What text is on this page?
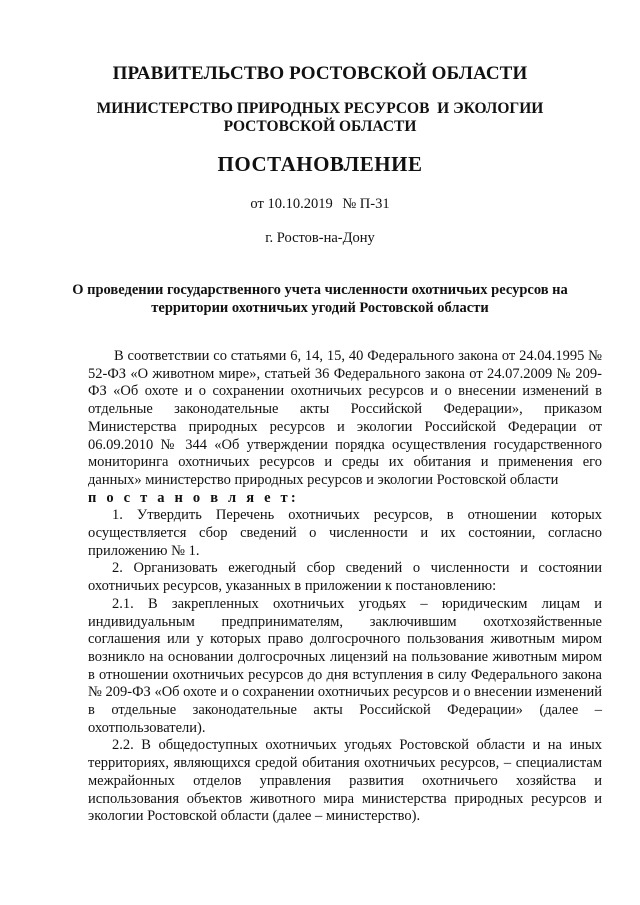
ПРАВИТЕЛЬСТВО РОСТОВСКОЙ ОБЛАСТИ
МИНИСТЕРСТВО ПРИРОДНЫХ РЕСУРСОВ  И ЭКОЛОГИИ
РОСТОВСКОЙ ОБЛАСТИ
ПОСТАНОВЛЕНИЕ
от 10.10.2019 № П-31
г. Ростов-на-Дону
О проведении государственного учета численности охотничьих ресурсов на
территории охотничьих угодий Ростовской области

В соответствии со статьями 6, 14, 15, 40 Федерального закона от 24.04.1995 № 52-ФЗ «О животном мире», статьей 36 Федерального закона от 24.07.2009 № 209-ФЗ «Об охоте и о сохранении охотничьих ресурсов и о внесении изменений в отдельные законодательные акты Российской Федерации», приказом Министерства природных ресурсов и экологии Российской Федерации от 06.09.2010 № 344 «Об утверждении порядка осуществления государственного мониторинга охотничьих ресурсов и среды их обитания и применения его данных» министерство природных ресурсов и экологии Ростовской области

п о с т а н о в л я е т:

1. Утвердить Перечень охотничьих ресурсов, в отношении которых осуществляется сбор сведений о численности и их состоянии, согласно приложению № 1.

2. Организовать ежегодный сбор сведений о численности и состоянии охотничьих ресурсов, указанных в приложении к постановлению:

2.1. В закрепленных охотничьих угодьях – юридическим лицам и индивидуальным предпринимателям, заключившим охотхозяйственные соглашения или у которых право долгосрочного пользования животным миром возникло на основании долгосрочных лицензий на пользование животным миром в отношении охотничьих ресурсов до дня вступления в силу Федерального закона № 209-ФЗ «Об охоте и о сохранении охотничьих ресурсов и о внесении изменений в отдельные законодательные акты Российской Федерации» (далее – охотпользователи).

2.2. В общедоступных охотничьих угодьях Ростовской области и на иных территориях, являющихся средой обитания охотничьих ресурсов, – специалистам межрайонных отделов управления развития охотничьего хозяйства и использования объектов животного мира министерства природных ресурсов и экологии Ростовской области (далее – министерство).
